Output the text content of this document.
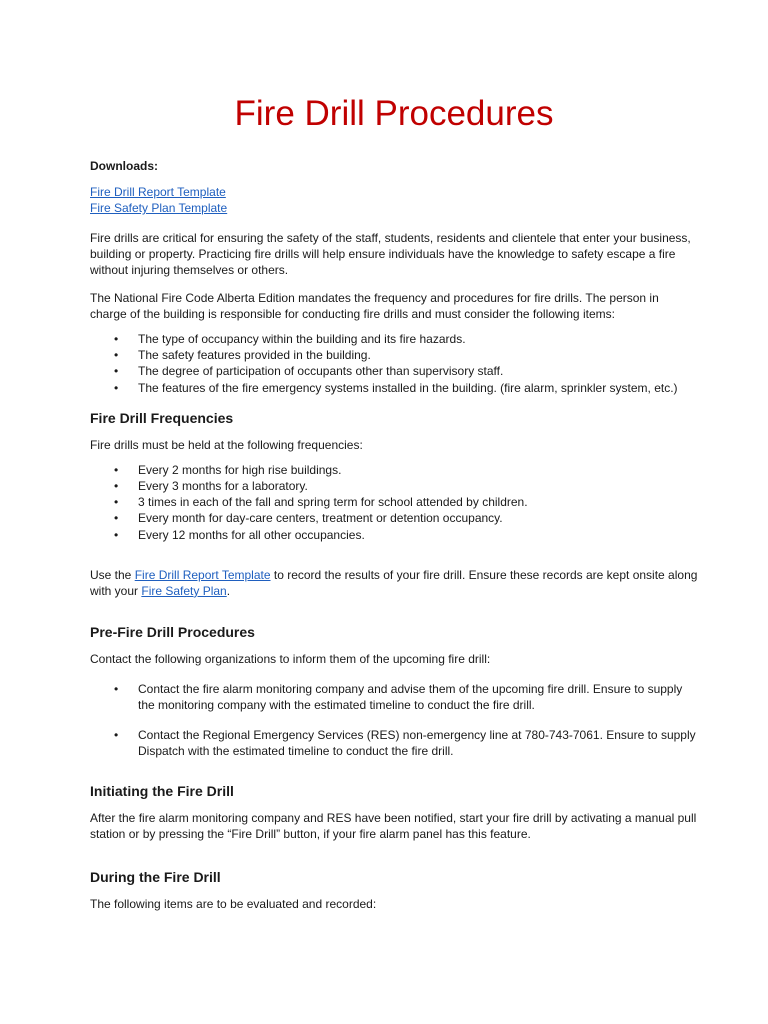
Fire Drill Procedures
Downloads:
Fire Drill Report Template
Fire Safety Plan Template

Fire drills are critical for ensuring the safety of the staff, students, residents and clientele that enter your business, building or property. Practicing fire drills will help ensure individuals have the knowledge to safety escape a fire without injuring themselves or others.

The National Fire Code Alberta Edition mandates the frequency and procedures for fire drills. The person in charge of the building is responsible for conducting fire drills and must consider the following items:

• The type of occupancy within the building and its fire hazards.
• The safety features provided in the building.
• The degree of participation of occupants other than supervisory staff.
• The features of the fire emergency systems installed in the building. (fire alarm, sprinkler system, etc.)
Fire Drill Frequencies

Fire drills must be held at the following frequencies:

• Every 2 months for high rise buildings.
• Every 3 months for a laboratory.
• 3 times in each of the fall and spring term for school attended by children.
• Every month for day-care centers, treatment or detention occupancy.
• Every 12 months for all other occupancies.

Use the Fire Drill Report Template to record the results of your fire drill. Ensure these records are kept onsite along with your Fire Safety Plan.

Pre-Fire Drill Procedures

Contact the following organizations to inform them of the upcoming fire drill:

• Contact the fire alarm monitoring company and advise them of the upcoming fire drill. Ensure to supply the monitoring company with the estimated timeline to conduct the fire drill.
• Contact the Regional Emergency Services (RES) non-emergency line at 780-743-7061. Ensure to supply Dispatch with the estimated timeline to conduct the fire drill.
Initiating the Fire Drill

After the fire alarm monitoring company and RES have been notified, start your fire drill by activating a manual pull station or by pressing the “Fire Drill” button, if your fire alarm panel has this feature.

During the Fire Drill

The following items are to be evaluated and recorded:
